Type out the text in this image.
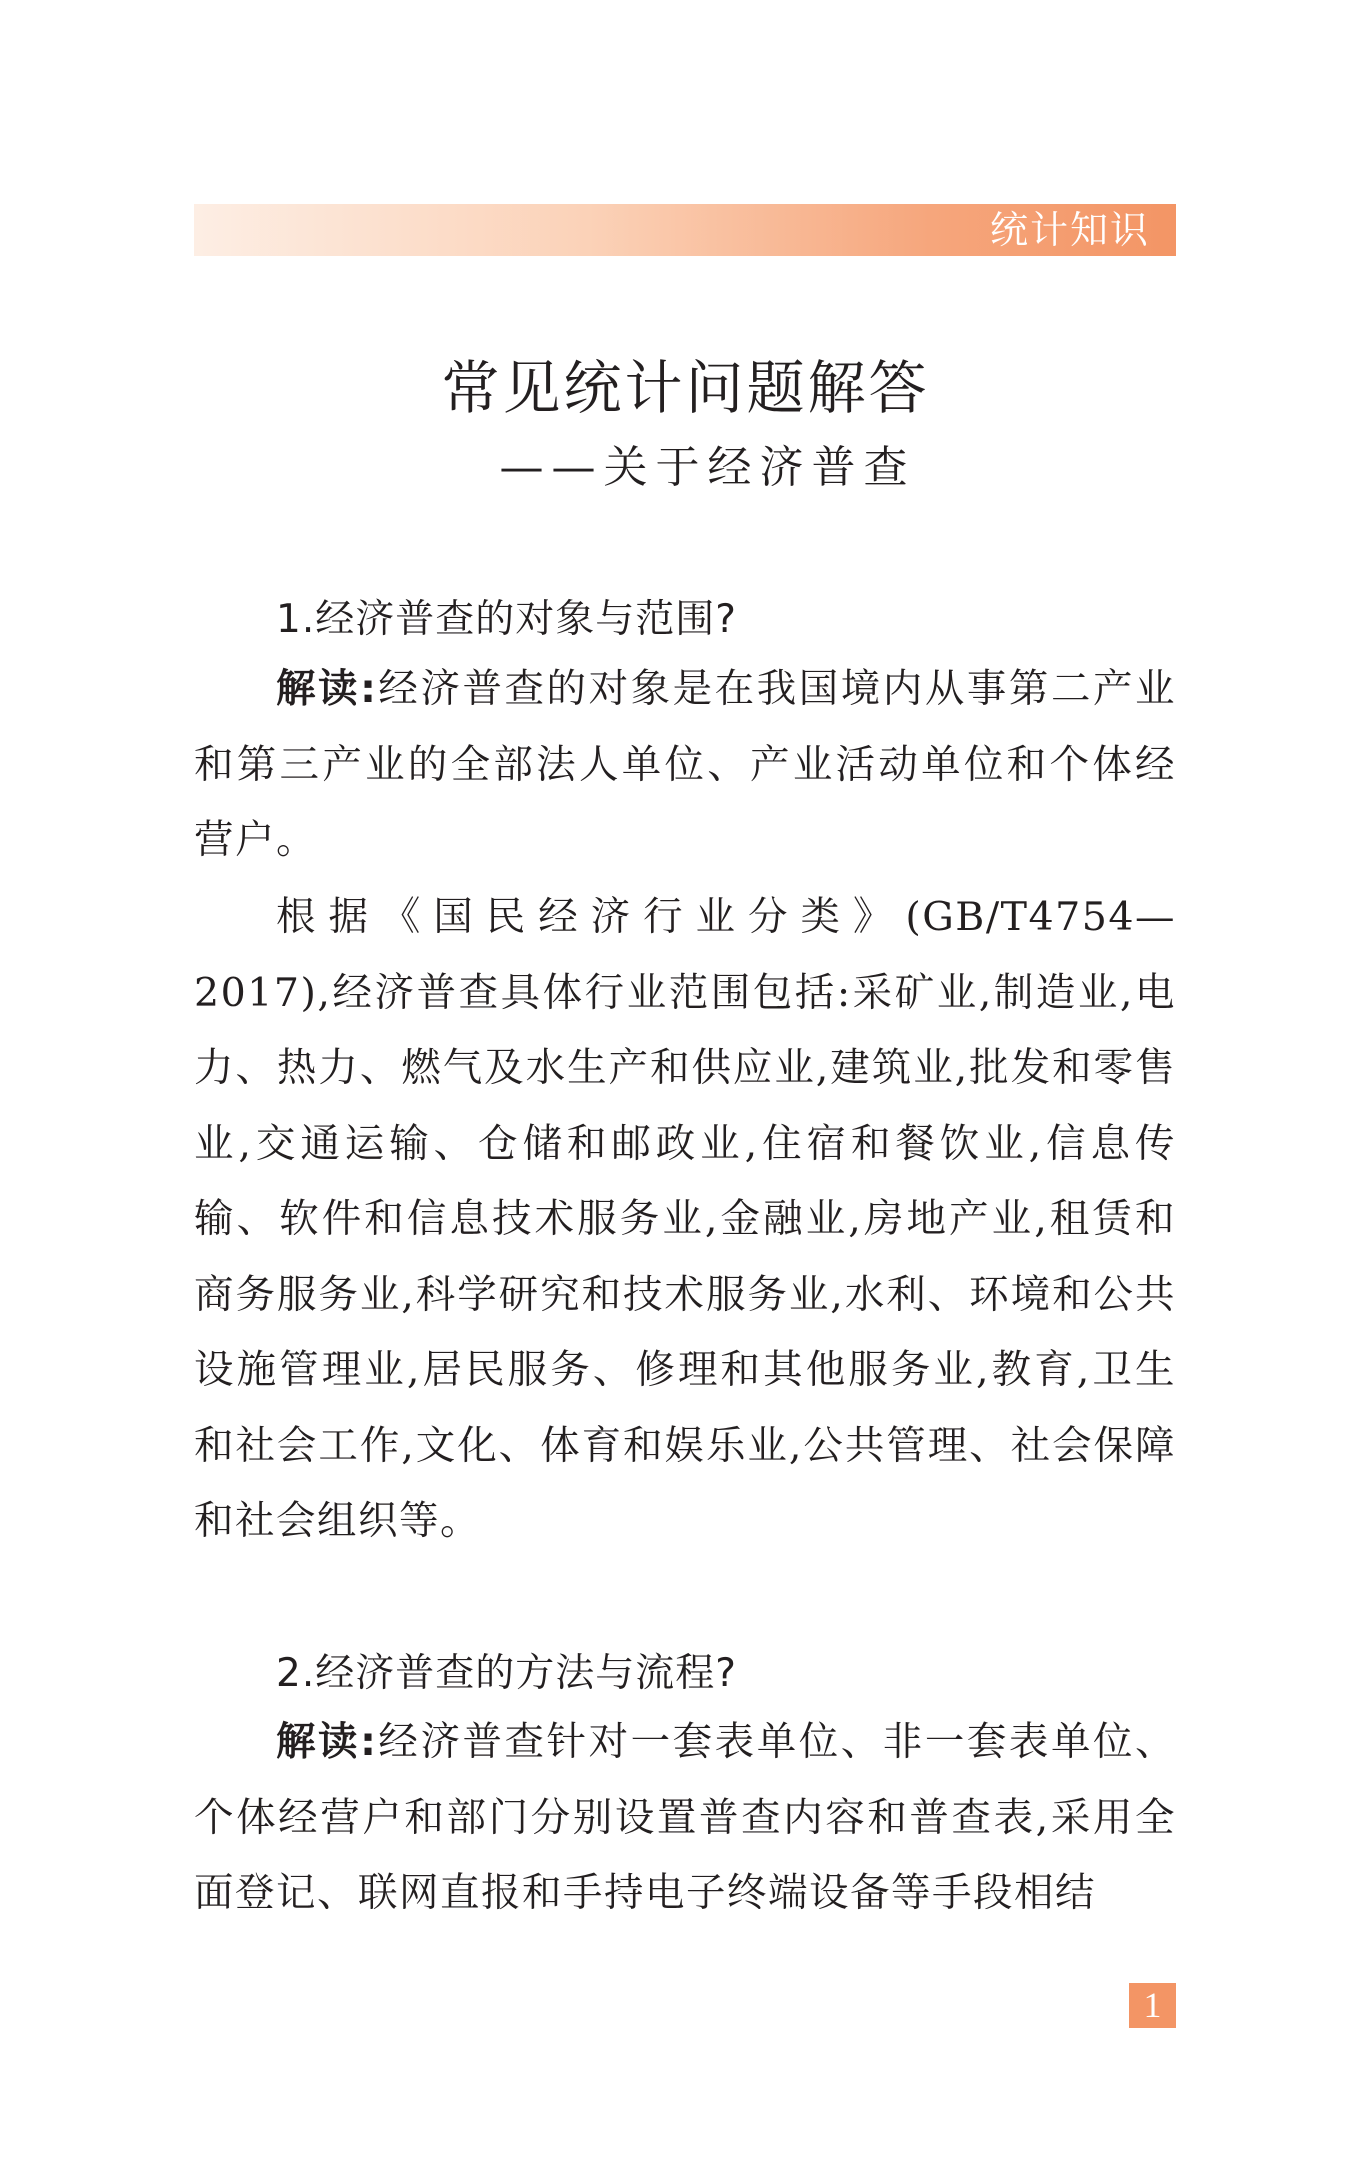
统计知识
常见统计问题解答
——关于经济普查
1.经济普查的对象与范围?

解读:经济普查的对象是在我国境内从事第二产业和第三产业的全部法人单位、产业活动单位和个体经营户。

根据《国民经济行业分类》(GB/T4754—2017),经济普查具体行业范围包括:采矿业,制造业,电力、热力、燃气及水生产和供应业,建筑业,批发和零售业,交通运输、仓储和邮政业,住宿和餐饮业,信息传输、软件和信息技术服务业,金融业,房地产业,租赁和商务服务业,科学研究和技术服务业,水利、环境和公共设施管理业,居民服务、修理和其他服务业,教育,卫生和社会工作,文化、体育和娱乐业,公共管理、社会保障和社会组织等。

2.经济普查的方法与流程?

解读:经济普查针对一套表单位、非一套表单位、个体经营户和部门分别设置普查内容和普查表,采用全面登记、联网直报和手持电子终端设备等手段相结

1
